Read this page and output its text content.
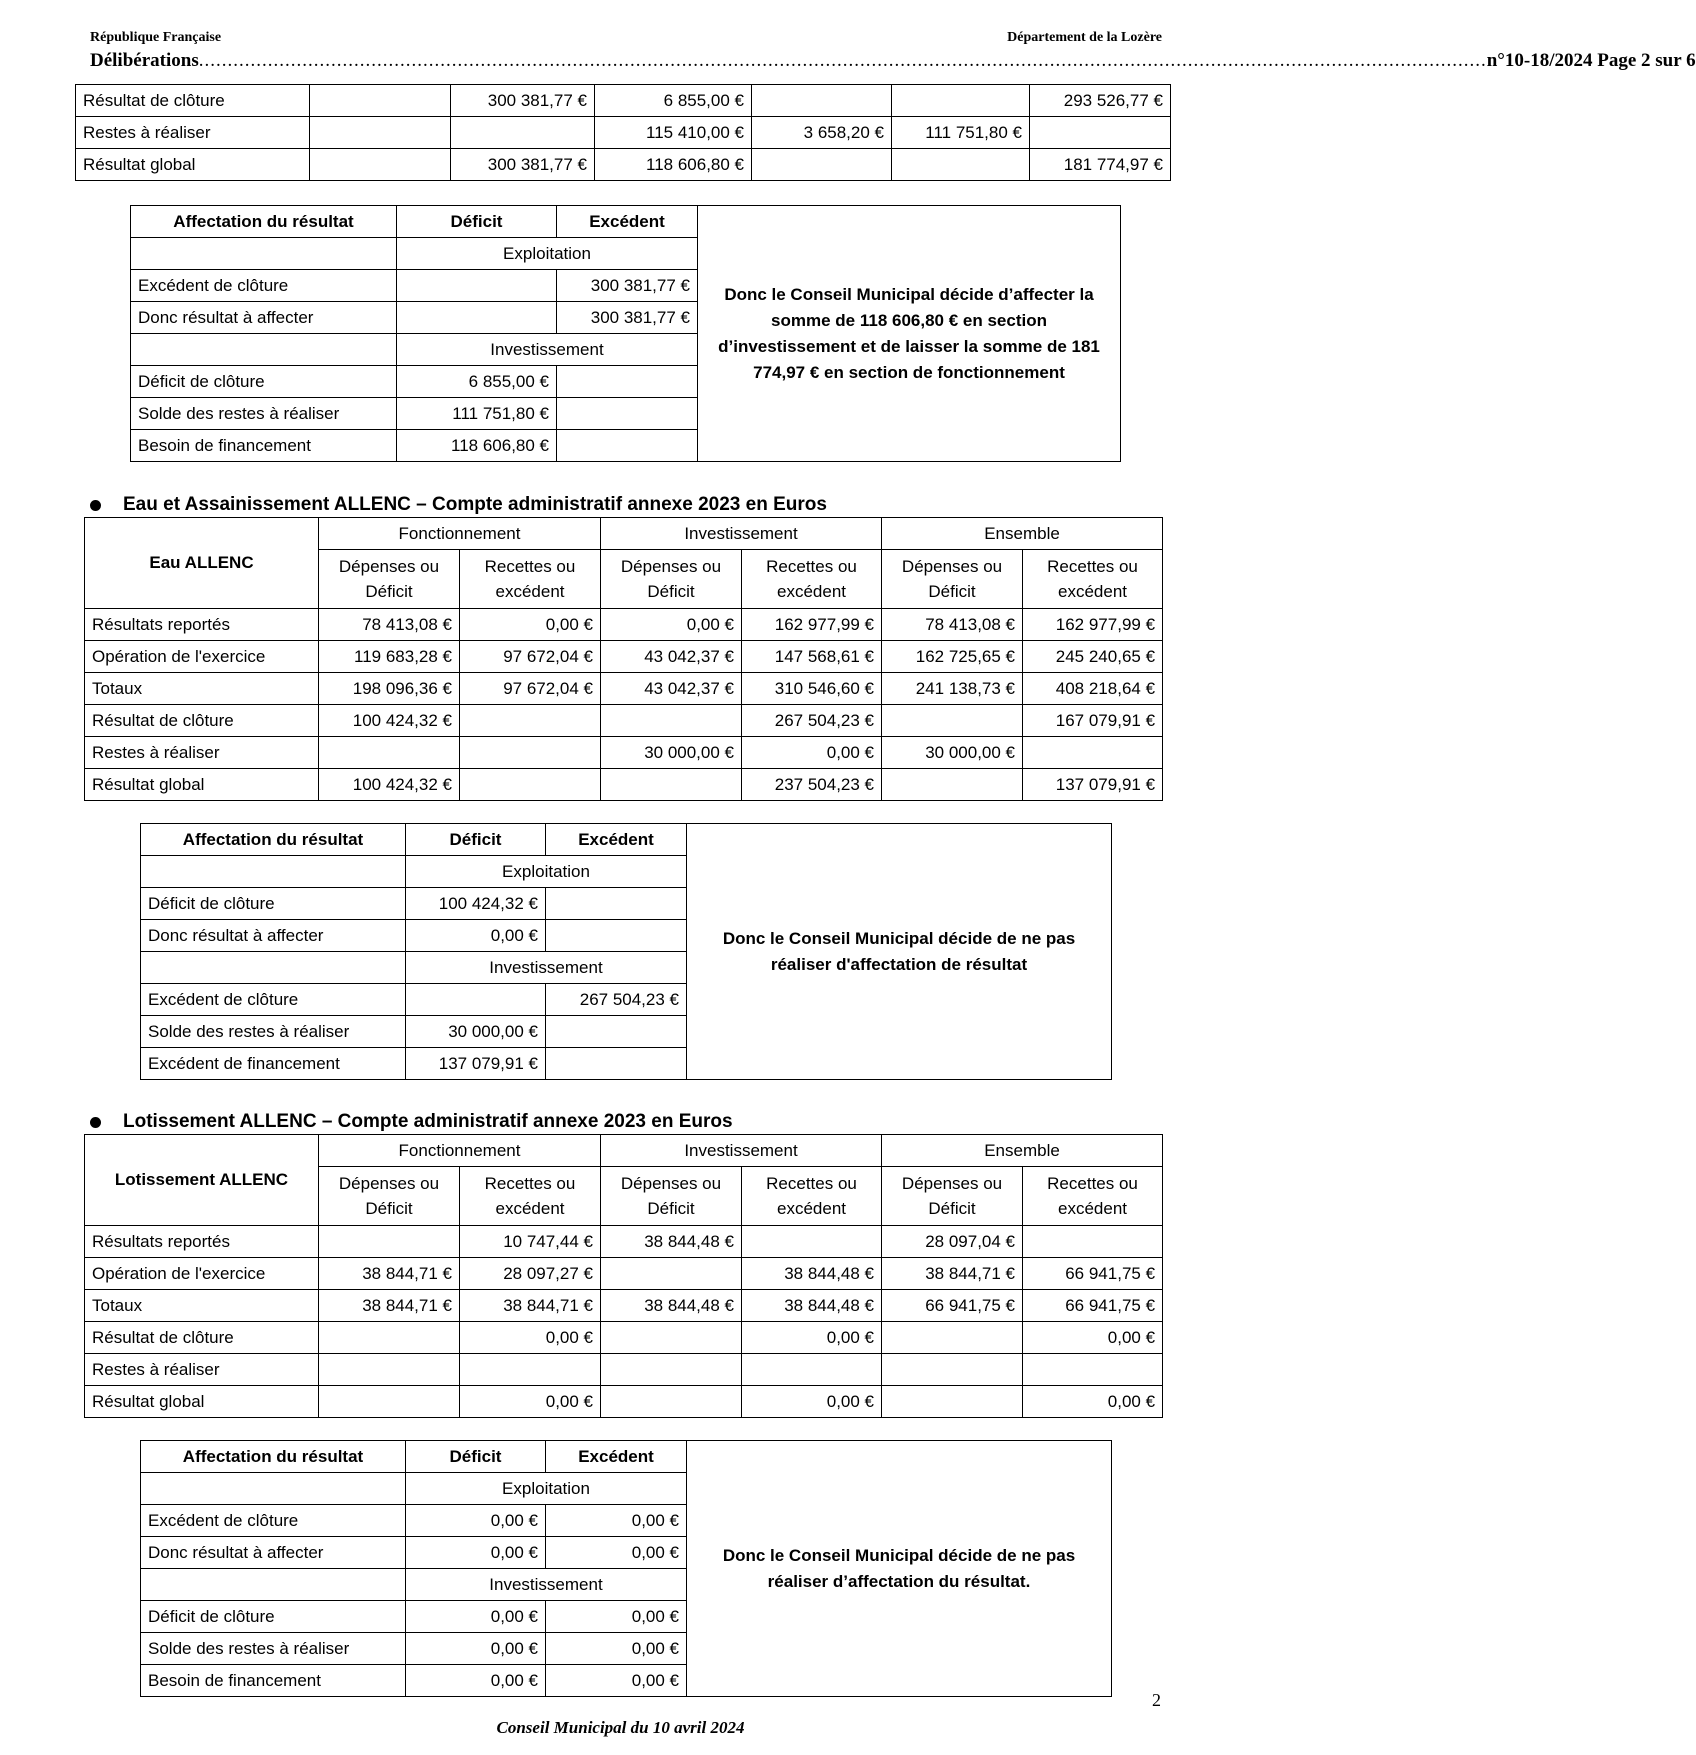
République Française	Département de la Lozère
Délibérations ................................................................................................................................................................................................................................ n°10-18/2024 Page 2 sur 6
Résultat de clôture		300 381,77 €	6 855,00 €			293 526,77 €
Restes à réaliser			115 410,00 €	3 658,20 €	111 751,80 €	
Résultat global		300 381,77 €	118 606,80 €			181 774,97 €
Affectation du résultat	Déficit	Excédent	Donc le Conseil Municipal décide d’affecter la somme de 118 606,80 € en section d’investissement et de laisser la somme de 181 774,97 € en section de fonctionnement
	Exploitation		
Excédent de clôture		300 381,77 €	
Donc résultat à affecter		300 381,77 €	
	Investissement		
Déficit de clôture	6 855,00 €		
Solde des restes à réaliser	111 751,80 €		
Besoin de financement	118 606,80 €		
Eau et Assainissement ALLENC – Compte administratif annexe 2023 en Euros
Eau ALLENC	Fonctionnement		Investissement		Ensemble	
	Dépenses ou Déficit	Recettes ou excédent	Dépenses ou Déficit	Recettes ou excédent	Dépenses ou Déficit	Recettes ou excédent
Résultats reportés	78 413,08 €	0,00 €	0,00 €	162 977,99 €	78 413,08 €	162 977,99 €
Opération de l'exercice	119 683,28 €	97 672,04 €	43 042,37 €	147 568,61 €	162 725,65 €	245 240,65 €
Totaux	198 096,36 €	97 672,04 €	43 042,37 €	310 546,60 €	241 138,73 €	408 218,64 €
Résultat de clôture	100 424,32 €			267 504,23 €		167 079,91 €
Restes à réaliser			30 000,00 €	0,00 €	30 000,00 €	
Résultat global	100 424,32 €			237 504,23 €		137 079,91 €
Affectation du résultat	Déficit	Excédent	Donc le Conseil Municipal décide de ne pas réaliser d'affectation de résultat
	Exploitation		
Déficit de clôture	100 424,32 €		
Donc résultat à affecter	0,00 €		
	Investissement		
Excédent de clôture		267 504,23 €	
Solde des restes à réaliser	30 000,00 €		
Excédent de financement	137 079,91 €		
Lotissement ALLENC – Compte administratif annexe 2023 en Euros
Lotissement ALLENC	Fonctionnement		Investissement		Ensemble	
	Dépenses ou Déficit	Recettes ou excédent	Dépenses ou Déficit	Recettes ou excédent	Dépenses ou Déficit	Recettes ou excédent
Résultats reportés		10 747,44 €	38 844,48 €		28 097,04 €	
Opération de l'exercice	38 844,71 €	28 097,27 €		38 844,48 €	38 844,71 €	66 941,75 €
Totaux	38 844,71 €	38 844,71 €	38 844,48 €	38 844,48 €	66 941,75 €	66 941,75 €
Résultat de clôture		0,00 €		0,00 €		0,00 €
Restes à réaliser						
Résultat global		0,00 €		0,00 €		0,00 €
Affectation du résultat	Déficit	Excédent	Donc le Conseil Municipal décide de ne pas réaliser d’affectation du résultat.
	Exploitation		
Excédent de clôture	0,00 €	0,00 €	
Donc résultat à affecter	0,00 €	0,00 €	
	Investissement		
Déficit de clôture	0,00 €	0,00 €	
Solde des restes à réaliser	0,00 €	0,00 €	
Besoin de financement	0,00 €	0,00 €	
2
Conseil Municipal du 10 avril 2024
